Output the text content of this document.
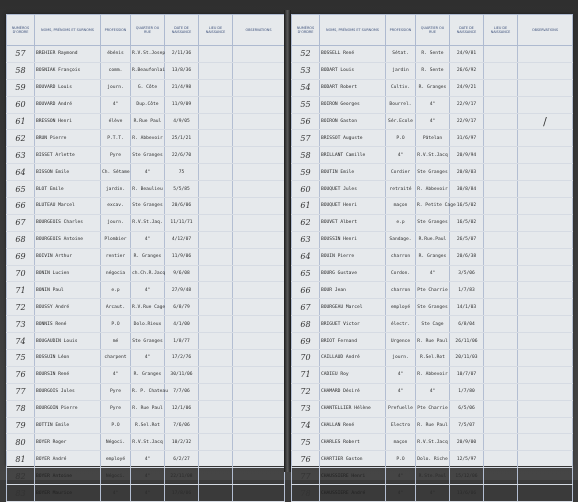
NUMÉROS D'ORDRE	NOMS, PRÉNOMS ET SURNOMS	PROFESSION	QUARTIER OU RUE	DATE DE NAISSANCE	LIEU DE NAISSANCE	OBSERVATIONS
57	BREHIER Raymond	ébénis	R.V.St.Josep	2/11/36		
58	BOSNIAK François	comm.	R.Beaufonlai	13/8/36		
59	BOUVARD Louis	journ.	G. Côte	21/4/98		
60	BOUVARD André	4°	Dup.Côte	11/9/09		
61	BRESSON Henri	élève	R.Rue Paul	4/9/05		
62	BRUN Pierre	P.T.T.	R. Abbevoir	25/1/21		
63	BISSET Arlette	Pyre	Ste Granges	22/6/70		
64	BISSON Emile	Ch. Sétame	4°	75		
65	BLOT Emile	jardin.	R. Beaulieu	5/5/85		
66	BLUTEAU Marcel	excav.	Ste Granges	20/6/06		
67	BOURGEOIS Charles	journ.	R.V.St.Jaq.	11/11/71		
68	BOURGEOIS Antoine	Plombier	4°	4/12/07		
69	BOIVIN Arthur	rentier	R. Granges	11/9/06		
70	BONIN Lucien	négocia	ch.Ch.R.Jacq	9/6/08		
71	BONIN Paul	e.p	4°	27/9/48		
72	BOUSSY André	Arcaut.	R.V.Rue Cage	6/8/79		
73	BONNIS René	P.O	Dolo.Rieux	4/1/00		
74	BOUGAUDIN Louis	mé	Ste Granges	1/8/77		
75	BOSSUIN Léon	charpent	4°	17/2/76		
76	BOURSIN René	4°	R. Granges	30/11/06		
77	BOURGOIS Jules	Pyre	R. P. Chateau	7/7/06		
78	BOURGOIN Pierre	Pyre	R. Rue Paul	12/1/06		
79	BOTTIN Emile	P.O	R.Sel.Rot	7/6/06		
80	BOYER Roger	Négoci.	R.V.St.Jacq	10/2/32		
81	BOYER André	employé	4°	6/2/27		
82	BOYER Antoine	Négoci.	4°	22/11/08		
83	BOYER Maurice	4°	4°	17/8/06		
NUMÉROS D'ORDRE	NOMS, PRÉNOMS ET SURNOMS	PROFESSION	QUARTIER OU RUE	DATE DE NAISSANCE	LIEU DE NAISSANCE	OBSERVATIONS
52	BOSSELL René	Sétat.	R. Sente	24/9/81		
53	BODART Louis	jardin	R. Sente	26/6/92		
54	BODART Robert	Cultiv.	R. Granges	24/9/21		
55	BOIRON Georges	Bourrel.	4°	22/9/17		
56	BOIRON Gaston	Sér.Ecole	4°	22/9/17		/
57	BRISSOT Auguste	P.O	Pâtelan	31/6/97		
58	BRILLANT Camille	4°	R.V.St.Jacq	20/9/94		
59	BOUTIN Emile	Cordier	Ste Granges	20/8/03		
60	BOUQUET Jules	retraité	R. Abbevoir	30/8/84		
61	BOUQUET Henri	maçon	R. Petite Cage	16/5/02		
62	BOUVET Albert	e.p	Ste Granges	16/5/02		
63	BOUSSIN Henri	Sandage.	R.Rue.Paul	26/5/07		
64	BOUIN Pierre	charron	R. Granges	20/6/38		
65	BOURG Gustave	Cordon.	4°	3/5/06		
66	BOUR Jean	charron	Pte Charrie	1/7/83		
67	BOURGEAU Marcel	employé	Ste Granges	14/1/03		
68	BRIGUET Victor	électr.	Ste Cage	6/8/04		
69	BRIOT Fernand	Urgence	R. Rue Paul	26/11/06		
70	CAILLAUD André	journ.	R.Sel.Rot	20/11/03		
71	CADIEU Roy	4°	R. Abbevoir	10/7/07		
72	CHAMARD Désiré	4°	4°	1/7/80		
73	CHANTELLIER Hélène	Prefuelle	Pte Charrie	6/5/06		
74	CHALLAN René	Electro	R. Rue Paul	7/5/07		
75	CHARLES Robert	maçon	R.V.St.Jacq	20/9/00		
76	CHARTIER Gaston	P.O	Dolo. Riche	12/5/97		
77	CHAUSSIERE Henri	4°	R.Ste.Paul	15/12/06		
78	CHAUSSIERE André	4°	4°	13/6/06		
